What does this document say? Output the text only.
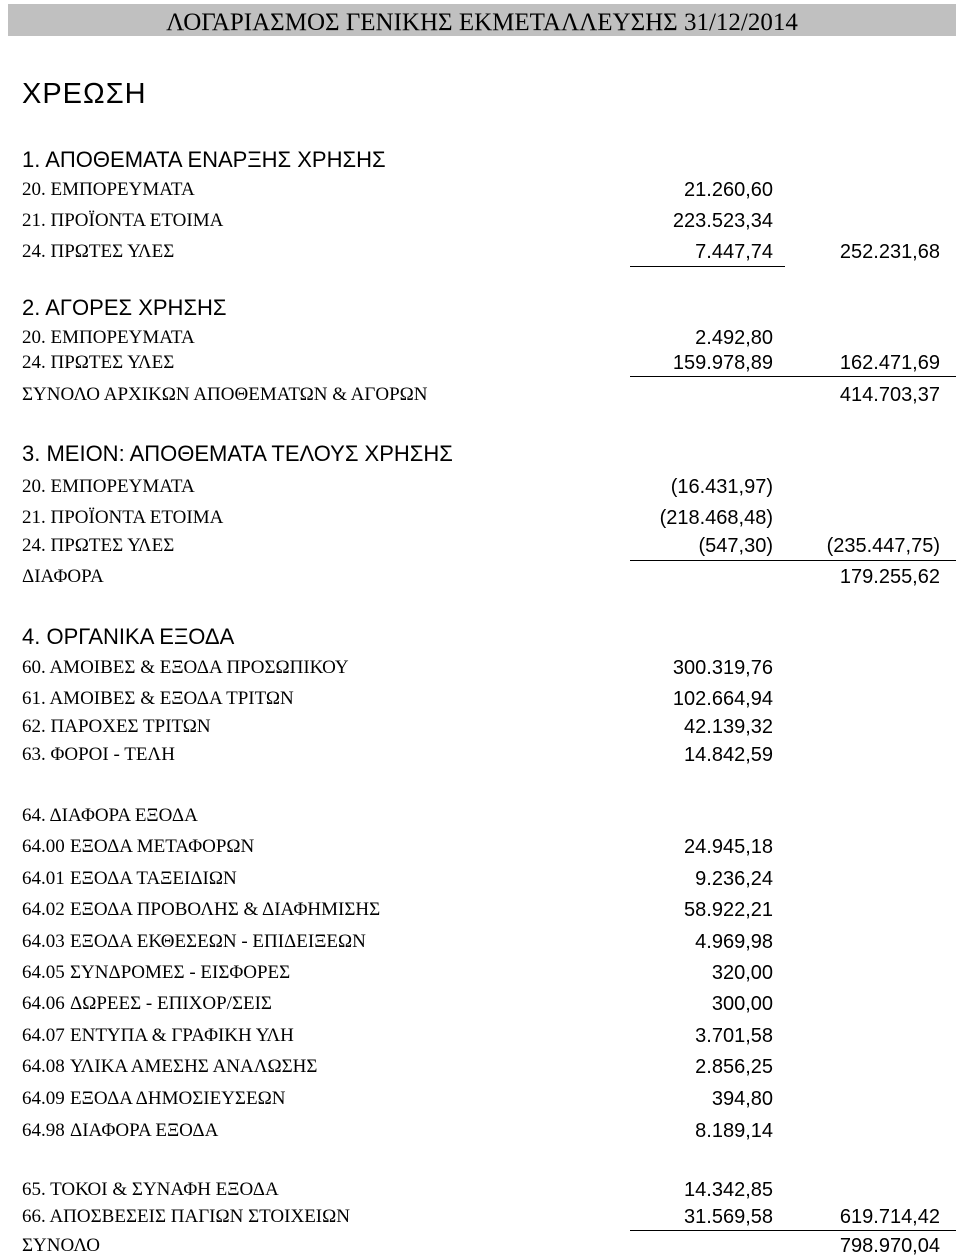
ΛΟΓΑΡΙΑΣΜΟΣ ΓΕΝΙΚΗΣ ΕΚΜΕΤΑΛΛΕΥΣΗΣ 31/12/2014
ΧΡΕΩΣΗ
1. ΑΠΟΘΕΜΑΤΑ ΕΝΑΡΞΗΣ ΧΡΗΣΗΣ
20. ΕΜΠΟΡΕΥΜΑΤΑ	21.260,60
21. ΠΡΟΪΟΝΤΑ ΕΤΟΙΜΑ	223.523,34
24. ΠΡΩΤΕΣ ΥΛΕΣ	7.447,74	252.231,68
2. ΑΓΟΡΕΣ ΧΡΗΣΗΣ
20. ΕΜΠΟΡΕΥΜΑΤΑ	2.492,80
24. ΠΡΩΤΕΣ ΥΛΕΣ	159.978,89	162.471,69
ΣΥΝΟΛΟ ΑΡΧΙΚΩΝ ΑΠΟΘΕΜΑΤΩΝ & ΑΓΟΡΩΝ	414.703,37
3. ΜΕΙΟΝ: ΑΠΟΘΕΜΑΤΑ ΤΕΛΟΥΣ ΧΡΗΣΗΣ
20. ΕΜΠΟΡΕΥΜΑΤΑ	(16.431,97)
21. ΠΡΟΪΟΝΤΑ ΕΤΟΙΜΑ	(218.468,48)
24. ΠΡΩΤΕΣ ΥΛΕΣ	(547,30)	(235.447,75)
ΔΙΑΦΟΡΑ	179.255,62
4. ΟΡΓΑΝΙΚΑ ΕΞΟΔΑ
60. ΑΜΟΙΒΕΣ & ΕΞΟΔΑ ΠΡΟΣΩΠΙΚΟΥ	300.319,76
61. ΑΜΟΙΒΕΣ & ΕΞΟΔΑ ΤΡΙΤΩΝ	102.664,94
62. ΠΑΡΟΧΕΣ ΤΡΙΤΩΝ	42.139,32
63. ΦΟΡΟΙ - ΤΕΛΗ	14.842,59
64. ΔΙΑΦΟΡΑ ΕΞΟΔΑ
64.00 ΕΞΟΔΑ ΜΕΤΑΦΟΡΩΝ	24.945,18
64.01 ΕΞΟΔΑ ΤΑΞΕΙΔΙΩΝ	9.236,24
64.02 ΕΞΟΔΑ ΠΡΟΒΟΛΗΣ & ΔΙΑΦΗΜΙΣΗΣ	58.922,21
64.03 ΕΞΟΔΑ ΕΚΘΕΣΕΩΝ - ΕΠΙΔΕΙΞΕΩΝ	4.969,98
64.05 ΣΥΝΔΡΟΜΕΣ - ΕΙΣΦΟΡΕΣ	320,00
64.06 ΔΩΡΕΕΣ - ΕΠΙΧΟΡ/ΣΕΙΣ	300,00
64.07 ΕΝΤΥΠΑ & ΓΡΑΦΙΚΗ ΥΛΗ	3.701,58
64.08 ΥΛΙΚΑ ΑΜΕΣΗΣ ΑΝΑΛΩΣΗΣ	2.856,25
64.09 ΕΞΟΔΑ ΔΗΜΟΣΙΕΥΣΕΩΝ	394,80
64.98 ΔΙΑΦΟΡΑ ΕΞΟΔΑ	8.189,14
65. ΤΟΚΟΙ & ΣΥΝΑΦΗ ΕΞΟΔΑ	14.342,85
66. ΑΠΟΣΒΕΣΕΙΣ ΠΑΓΙΩΝ ΣΤΟΙΧΕΙΩΝ	31.569,58	619.714,42
ΣΥΝΟΛΟ	798.970,04
